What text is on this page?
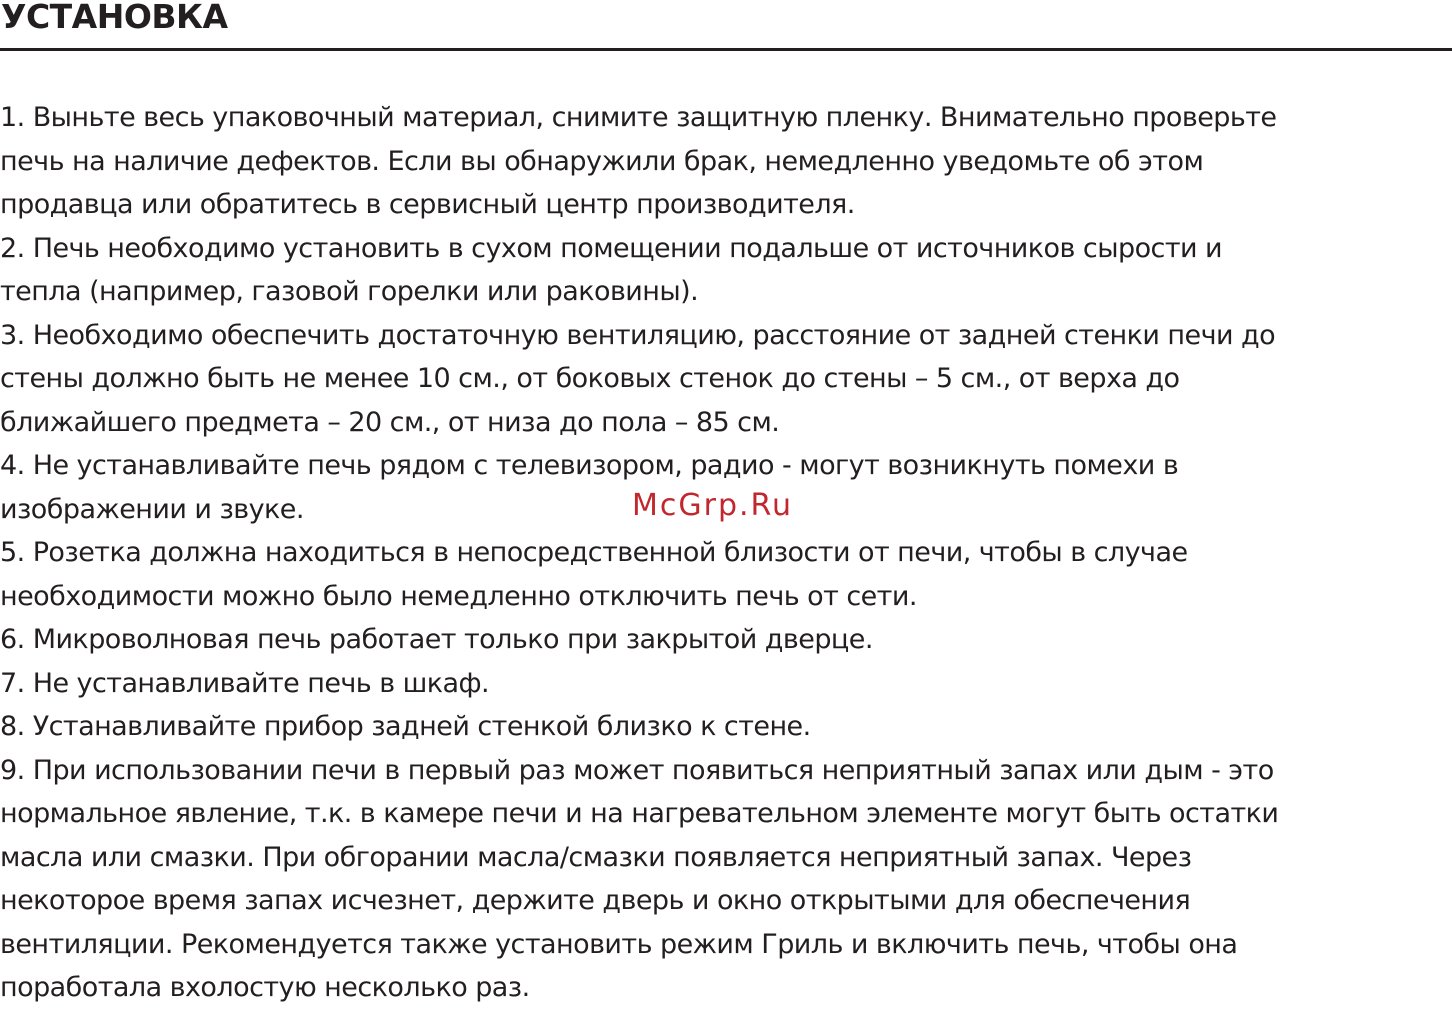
УСТАНОВКА
1. Выньте весь упаковочный материал, снимите защитную пленку. Внимательно проверьте
печь на наличие дефектов. Если вы обнаружили брак, немедленно уведомьте об этом
продавца или обратитесь в сервисный центр производителя.
2. Печь необходимо установить в сухом помещении подальше от источников сырости и
тепла (например, газовой горелки или раковины).
3. Необходимо обеспечить достаточную вентиляцию, расстояние от задней стенки печи до
стены должно быть не менее 10 см., от боковых стенок до стены – 5 см., от верха до
ближайшего предмета – 20 см., от низа до пола – 85 см.
4. Не устанавливайте печь рядом с телевизором, радио - могут возникнуть помехи в
изображении и звуке.
5. Розетка должна находиться в непосредственной близости от печи, чтобы в случае
необходимости можно было немедленно отключить печь от сети.
6. Микроволновая печь работает только при закрытой дверце.
7. Не устанавливайте печь в шкаф.
8. Устанавливайте прибор задней стенкой близко к стене.
9. При использовании печи в первый раз может появиться неприятный запах или дым - это
нормальное явление, т.к. в камере печи и на нагревательном элементе могут быть остатки
масла или смазки. При обгорании масла/смазки появляется неприятный запах. Через
некоторое время запах исчезнет, держите дверь и окно открытыми для обеспечения
вентиляции. Рекомендуется также установить режим Гриль и включить печь, чтобы она
поработала вхолостую несколько раз.
McGrp.Ru
